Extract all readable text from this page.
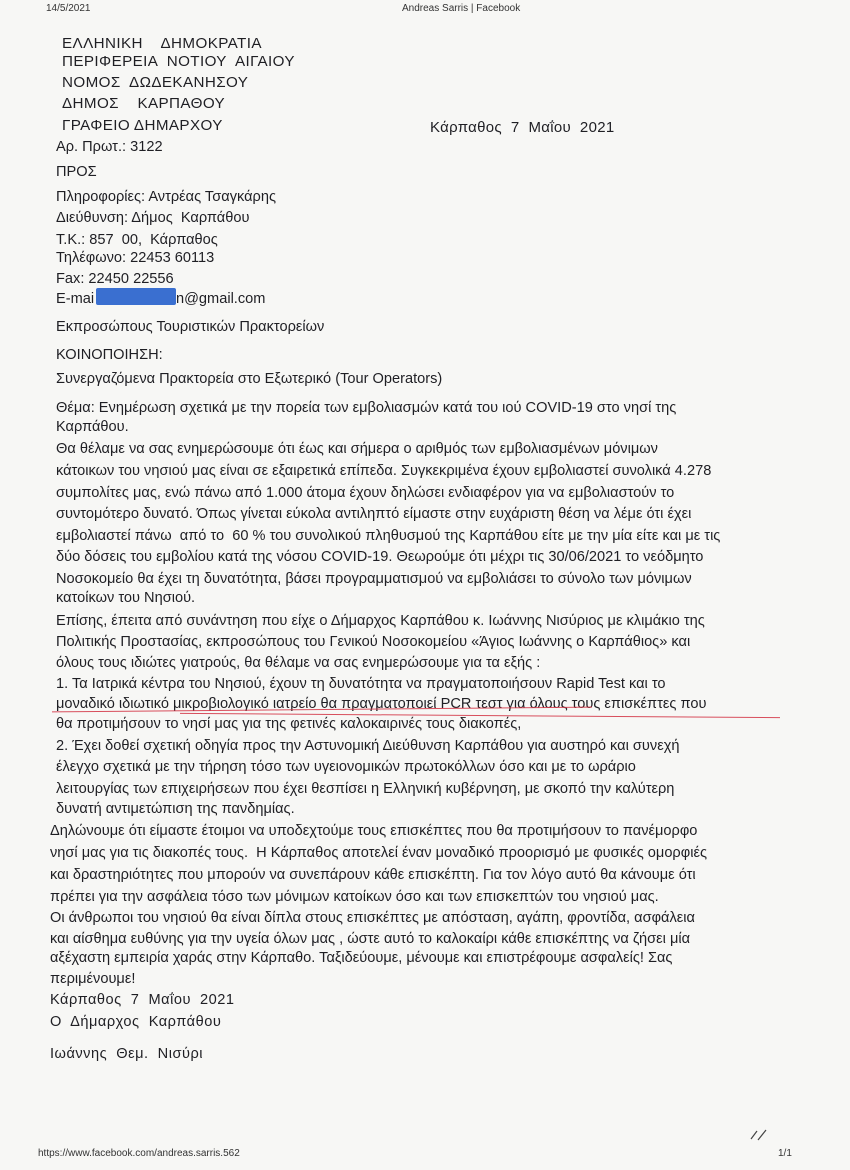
14/5/2021	Andreas Sarris | Facebook
ΕΛΛΗΝΙΚΗ    ΔΗΜΟΚΡΑΤΙΑ
ΠΕΡΙΦΕΡΕΙΑ  ΝΟΤΙΟΥ  ΑΙΓΑΙΟΥ
ΝΟΜΟΣ  ΔΩΔΕΚΑΝΗΣΟΥ
ΔΗΜΟΣ    ΚΑΡΠΑΘΟΥ
ΓΡΑΦΕΙΟ ΔΗΜΑΡΧΟΥ
Αρ. Πρωτ.: 3122
Κάρπαθος  7  Μαΐου  2021
ΠΡΟΣ
Πληροφορίες: Αντρέας Τσαγκάρης
Διεύθυνση: Δήμος  Καρπάθου
Τ.Κ.: 857  00,  Κάρπαθος
Τηλέφωνο: 22453 60113
Fax: 22450 22556
E-mai	n@gmail.com
Εκπροσώπους Τουριστικών Πρακτορείων
ΚΟΙΝΟΠΟΙΗΣΗ:
Συνεργαζόμενα Πρακτορεία στο Εξωτερικό (Tour Operators)
Θέμα: Ενημέρωση σχετικά με την πορεία των εμβολιασμών κατά του ιού COVID-19 στο νησί της
Καρπάθου.
Θα θέλαμε να σας ενημερώσουμε ότι έως και σήμερα ο αριθμός των εμβολιασμένων μόνιμων
κάτοικων του νησιού μας είναι σε εξαιρετικά επίπεδα. Συγκεκριμένα έχουν εμβολιαστεί συνολικά 4.278
συμπολίτες μας, ενώ πάνω από 1.000 άτομα έχουν δηλώσει ενδιαφέρον για να εμβολιαστούν το
συντομότερο δυνατό. Όπως γίνεται εύκολα αντιληπτό είμαστε στην ευχάριστη θέση να λέμε ότι έχει
εμβολιαστεί πάνω  από το  60 % του συνολικού πληθυσμού της Καρπάθου είτε με την μία είτε και με τις
δύο δόσεις του εμβολίου κατά της νόσου COVID-19. Θεωρούμε ότι μέχρι τις 30/06/2021 το νεόδμητο
Νοσοκομείο θα έχει τη δυνατότητα, βάσει προγραμματισμού να εμβολιάσει το σύνολο των μόνιμων
κατοίκων του Νησιού.
Επίσης, έπειτα από συνάντηση που είχε ο Δήμαρχος Καρπάθου κ. Ιωάννης Νισύριος με κλιμάκιο της
Πολιτικής Προστασίας, εκπροσώπους του Γενικού Νοσοκομείου «Άγιος Ιωάννης ο Καρπάθιος» και
όλους τους ιδιώτες γιατρούς, θα θέλαμε να σας ενημερώσουμε για τα εξής :
1. Τα Ιατρικά κέντρα του Νησιού, έχουν τη δυνατότητα να πραγματοποιήσουν Rapid Test και το
μοναδικό ιδιωτικό μικροβιολογικό ιατρείο θα πραγματοποιεί PCR τεστ για όλους τους επισκέπτες που
θα προτιμήσουν το νησί μας για της φετινές καλοκαιρινές τους διακοπές,
2. Έχει δοθεί σχετική οδηγία προς την Αστυνομική Διεύθυνση Καρπάθου για αυστηρό και συνεχή
έλεγχο σχετικά με την τήρηση τόσο των υγειονομικών πρωτοκόλλων όσο και με το ωράριο
λειτουργίας των επιχειρήσεων που έχει θεσπίσει η Ελληνική κυβέρνηση, με σκοπό την καλύτερη
δυνατή αντιμετώπιση της πανδημίας.
Δηλώνουμε ότι είμαστε έτοιμοι να υποδεχτούμε τους επισκέπτες που θα προτιμήσουν το πανέμορφο
νησί μας για τις διακοπές τους.  Η Κάρπαθος αποτελεί έναν μοναδικό προορισμό με φυσικές ομορφιές
και δραστηριότητες που μπορούν να συνεπάρουν κάθε επισκέπτη. Για τον λόγο αυτό θα κάνουμε ότι
πρέπει για την ασφάλεια τόσο των μόνιμων κατοίκων όσο και των επισκεπτών του νησιού μας.
Οι άνθρωποι του νησιού θα είναι δίπλα στους επισκέπτες με απόσταση, αγάπη, φροντίδα, ασφάλεια
και αίσθημα ευθύνης για την υγεία όλων μας , ώστε αυτό το καλοκαίρι κάθε επισκέπτης να ζήσει μία
αξέχαστη εμπειρία χαράς στην Κάρπαθο. Ταξιδεύουμε, μένουμε και επιστρέφουμε ασφαλείς! Σας
περιμένουμε!
Κάρπαθος  7  Μαΐου  2021
Ο  Δήμαρχος  Καρπάθου
Ιωάννης  Θεμ.  Νισύρι
https://www.facebook.com/andreas.sarris.562	1/1
